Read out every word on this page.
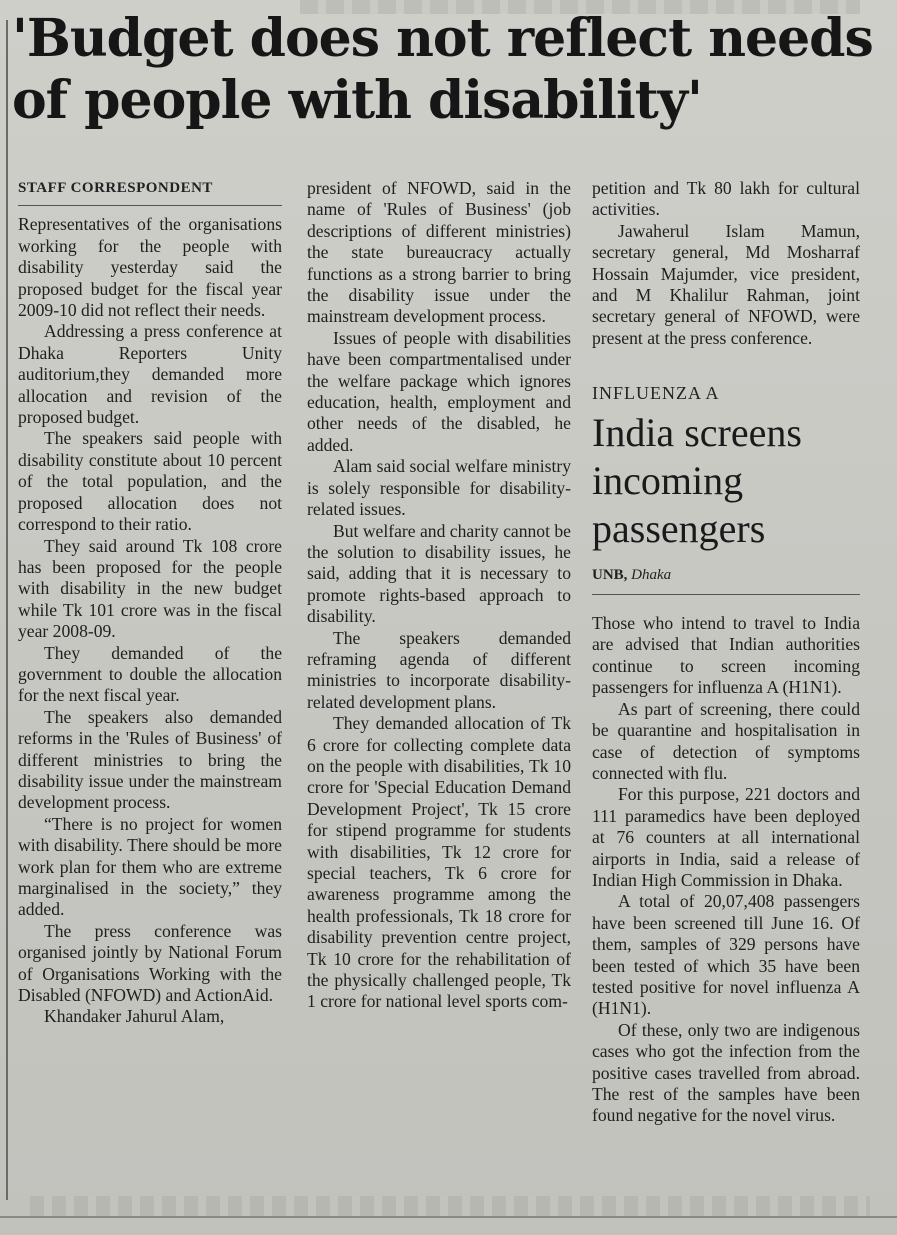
'Budget does not reflect needs of people with disability'
STAFF CORRESPONDENT

Representatives of the organisations working for the people with disability yesterday said the proposed budget for the fiscal year 2009-10 did not reflect their needs.

Addressing a press conference at Dhaka Reporters Unity auditorium,they demanded more allocation and revision of the proposed budget.

The speakers said people with disability constitute about 10 percent of the total population, and the proposed allocation does not correspond to their ratio.

They said around Tk 108 crore has been proposed for the people with disability in the new budget while Tk 101 crore was in the fiscal year 2008-09.

They demanded of the government to double the allocation for the next fiscal year.

The speakers also demanded reforms in the 'Rules of Business' of different ministries to bring the disability issue under the mainstream development process.

“There is no project for women with disability. There should be more work plan for them who are extreme marginalised in the society,” they added.

The press conference was organised jointly by National Forum of Organisations Working with the Disabled (NFOWD) and ActionAid.

Khandaker Jahurul Alam,

president of NFOWD, said in the name of 'Rules of Business' (job descriptions of different ministries) the state bureaucracy actually functions as a strong barrier to bring the disability issue under the mainstream development process.

Issues of people with disabilities have been compartmentalised under the welfare package which ignores education, health, employment and other needs of the disabled, he added.

Alam said social welfare ministry is solely responsible for disability- related issues.

But welfare and charity cannot be the solution to disability issues, he said, adding that it is necessary to promote rights-based approach to disability.

The speakers demanded reframing agenda of different ministries to incorporate disability-related development plans.

They demanded allocation of Tk 6 crore for collecting complete data on the people with disabilities, Tk 10 crore for 'Special Education Demand Development Project', Tk 15 crore for stipend programme for students with disabilities, Tk 12 crore for special teachers, Tk 6 crore for awareness programme among the health professionals, Tk 18 crore for disability prevention centre project, Tk 10 crore for the rehabilitation of the physically challenged people, Tk 1 crore for national level sports com-

petition and Tk 80 lakh for cultural activities.

Jawaherul Islam Mamun, secretary general, Md Mosharraf Hossain Majumder, vice president, and M Khalilur Rahman, joint secretary general of NFOWD, were present at the press conference.

INFLUENZA A
India screens incoming passengers
UNB, Dhaka

Those who intend to travel to India are advised that Indian authorities continue to screen incoming passengers for influenza A (H1N1).

As part of screening, there could be quarantine and hospitalisation in case of detection of symptoms connected with flu.

For this purpose, 221 doctors and 111 paramedics have been deployed at 76 counters at all international airports in India, said a release of Indian High Commission in Dhaka.

A total of 20,07,408 passengers have been screened till June 16. Of them, samples of 329 persons have been tested of which 35 have been tested positive for novel influenza A (H1N1).

Of these, only two are indigenous cases who got the infection from the positive cases travelled from abroad. The rest of the samples have been found negative for the novel virus.
